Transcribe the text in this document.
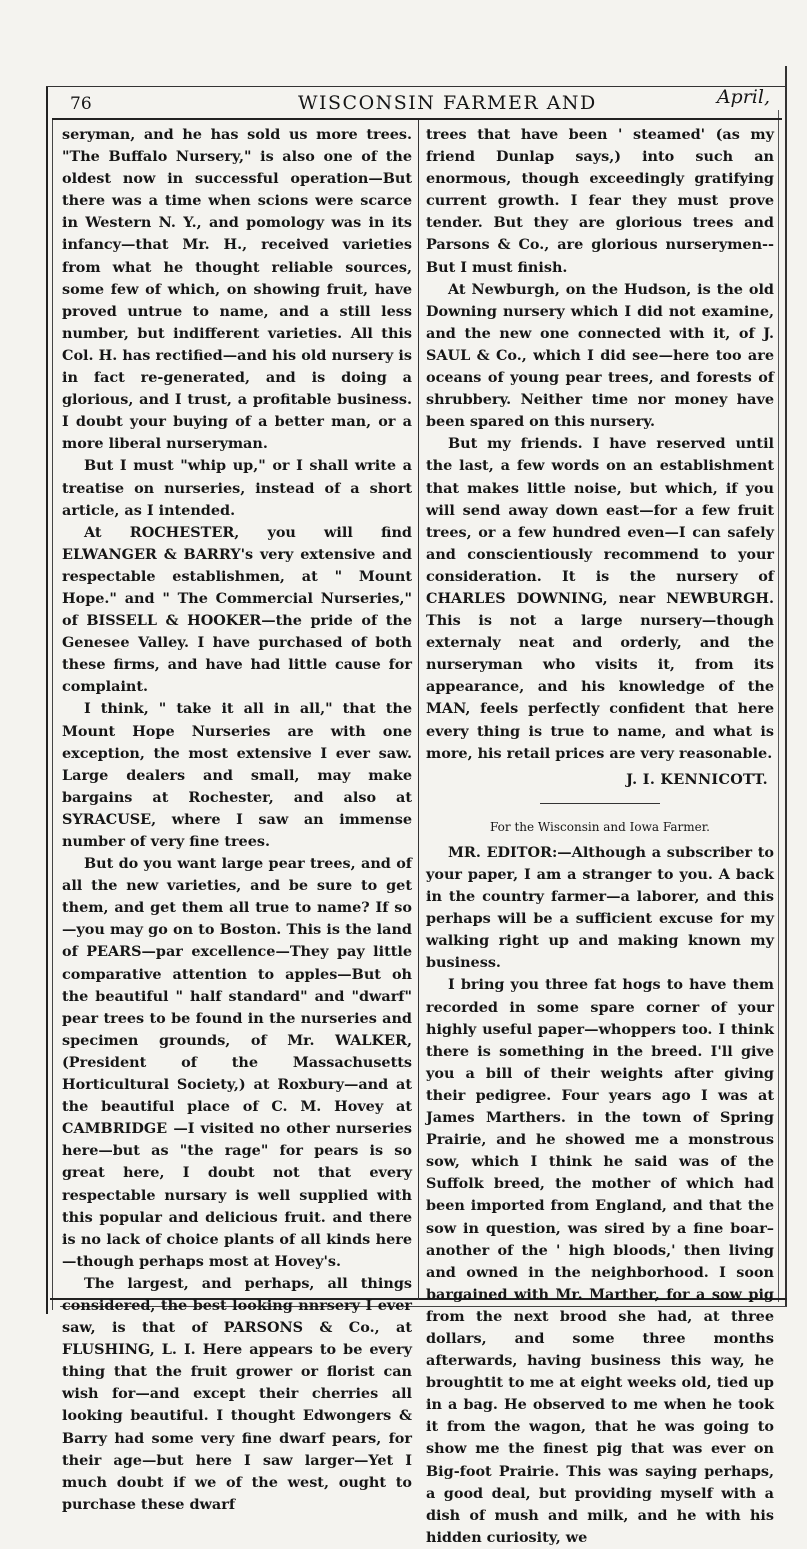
76	WISCONSIN FARMER AND	April,

seryman, and he has sold us more trees. "The Buffalo Nursery," is also one of the oldest now in successful operation—But there was a time when scions were scarce in Western N. Y., and pomology was in its infancy—that Mr. H., received varieties from what he thought reliable sources, some few of which, on showing fruit, have proved untrue to name, and a still less number, but indifferent varieties. All this Col. H. has rectified—and his old nursery is in fact re-generated, and is doing a glorious, and I trust, a profitable business. I doubt your buying of a better man, or a more liberal nurseryman.

But I must "whip up," or I shall write a treatise on nurseries, instead of a short article, as I intended.

At ROCHESTER, you will find ELWANGER & BARRY's very extensive and respectable establishmen, at " Mount Hope." and " The Commercial Nurseries," of BISSELL & HOOKER—the pride of the Genesee Valley. I have purchased of both these firms, and have had little cause for complaint.

I think, " take it all in all," that the Mount Hope Nurseries are with one exception, the most extensive I ever saw. Large dealers and small, may make bargains at Rochester, and also at SYRACUSE, where I saw an immense number of very fine trees.

But do you want large pear trees, and of all the new varieties, and be sure to get them, and get them all true to name? If so—you may go on to Boston. This is the land of PEARS—par excellence—They pay little comparative attention to apples—But oh the beautiful " half standard" and "dwarf" pear trees to be found in the nurseries and specimen grounds, of Mr. WALKER, (President of the Massachusetts Horticultural Society,) at Roxbury—and at the beautiful place of C. M. Hovey at CAMBRIDGE —I visited no other nurseries here—but as "the rage" for pears is so great here, I doubt not that every respectable nursary is well supplied with this popular and delicious fruit. and there is no lack of choice plants of all kinds here—though perhaps most at Hovey's.

The largest, and perhaps, all things considered, the best looking nnrsery I ever saw, is that of PARSONS & Co., at FLUSHING, L. I. Here appears to be every thing that the fruit grower or florist can wish for—and except their cherries all looking beautiful. I thought Edwongers & Barry had some very fine dwarf pears, for their age—but here I saw larger—Yet I much doubt if we of the west, ought to purchase these dwarf

trees that have been ' steamed' (as my friend Dunlap says,) into such an enormous, though exceedingly gratifying current growth. I fear they must prove tender. But they are glorious trees and Parsons & Co., are glorious nurserymen--But I must finish.

At Newburgh, on the Hudson, is the old Downing nursery which I did not examine, and the new one connected with it, of J. SAUL & Co., which I did see—here too are oceans of young pear trees, and forests of shrubbery. Neither time nor money have been spared on this nursery.

But my friends. I have reserved until the last, a few words on an establishment that makes little noise, but which, if you will send away down east—for a few fruit trees, or a few hundred even—I can safely and conscientiously recommend to your consideration. It is the nursery of CHARLES DOWNING, near NEWBURGH. This is not a large nursery—though externaly neat and orderly, and the nurseryman who visits it, from its appearance, and his knowledge of the MAN, feels perfectly confident that here every thing is true to name, and what is more, his retail prices are very reasonable.

J. I. KENNICOTT.

For the Wisconsin and Iowa Farmer.

MR. EDITOR:—Although a subscriber to your paper, I am a stranger to you. A back in the country farmer—a laborer, and this perhaps will be a sufficient excuse for my walking right up and making known my business.

I bring you three fat hogs to have them recorded in some spare corner of your highly useful paper—whoppers too. I think there is something in the breed. I'll give you a bill of their weights after giving their pedigree. Four years ago I was at James Marthers. in the town of Spring Prairie, and he showed me a monstrous sow, which I think he said was of the Suffolk breed, the mother of which had been imported from England, and that the sow in question, was sired by a fine boar–another of the ' high bloods,' then living and owned in the neighborhood. I soon bargained with Mr. Marther, for a sow pig from the next brood she had, at three dollars, and some three months afterwards, having business this way, he broughtit to me at eight weeks old, tied up in a bag. He observed to me when he took it from the wagon, that he was going to show me the finest pig that was ever on Big-foot Prairie. This was saying perhaps, a good deal, but providing myself with a dish of mush and milk, and he with his hidden curiosity, we
